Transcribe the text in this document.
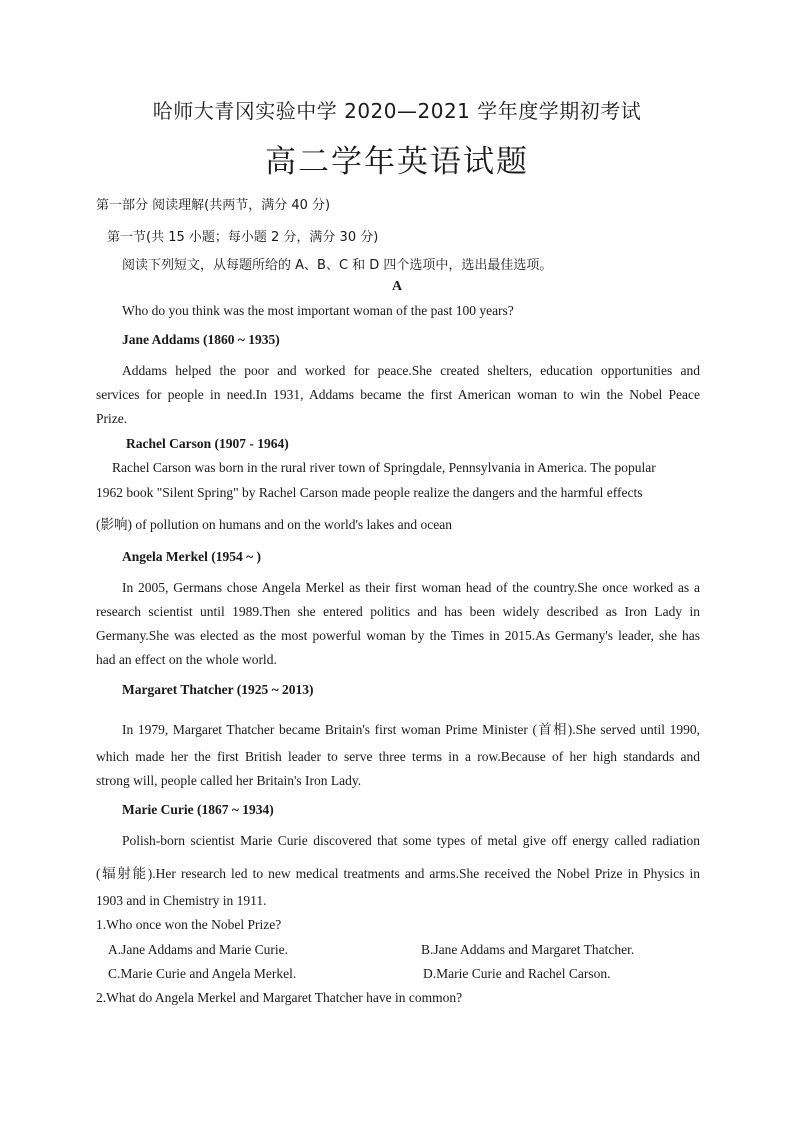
哈师大青冈实验中学 2020—2021 学年度学期初考试
高二学年英语试题
第一部分 阅读理解(共两节，满分 40 分)
第一节(共 15 小题；每小题 2 分，满分 30 分)
阅读下列短文，从每题所给的 A、B、C 和 D 四个选项中，选出最佳选项。
A
Who do you think was the most important woman of the past 100 years?
Jane Addams (1860 ~ 1935)
Addams helped the poor and worked for peace.She created shelters, education opportunities and
services for people in need.In 1931, Addams became the first American woman to win the Nobel Peace
Prize.
Rachel Carson (1907 - 1964)
Rachel Carson was born in the rural river town of Springdale, Pennsylvania in America. The popular
1962 book "Silent Spring" by Rachel Carson made people realize the dangers and the harmful effects
(影响) of pollution on humans and on the world's lakes and ocean
Angela Merkel (1954 ~ )
In 2005, Germans chose Angela Merkel as their first woman head of the country.She once worked as a
research scientist until 1989.Then she entered politics and has been widely described as Iron Lady in
Germany.She was elected as the most powerful woman by the Times in 2015.As Germany's leader, she has
had an effect on the whole world.
Margaret Thatcher (1925 ~ 2013)
In 1979, Margaret Thatcher became Britain's first woman Prime Minister (首相).She served until 1990,
which made her the first British leader to serve three terms in a row.Because of her high standards and
strong will, people called her Britain's Iron Lady.
Marie Curie (1867 ~ 1934)
Polish-born scientist Marie Curie discovered that some types of metal give off energy called radiation
(辐射能).Her research led to new medical treatments and arms.She received the Nobel Prize in Physics in
1903 and in Chemistry in 1911.
1.Who once won the Nobel Prize?
A.Jane Addams and Marie Curie.	B.Jane Addams and Margaret Thatcher.
C.Marie Curie and Angela Merkel.	D.Marie Curie and Rachel Carson.
2.What do Angela Merkel and Margaret Thatcher have in common?
